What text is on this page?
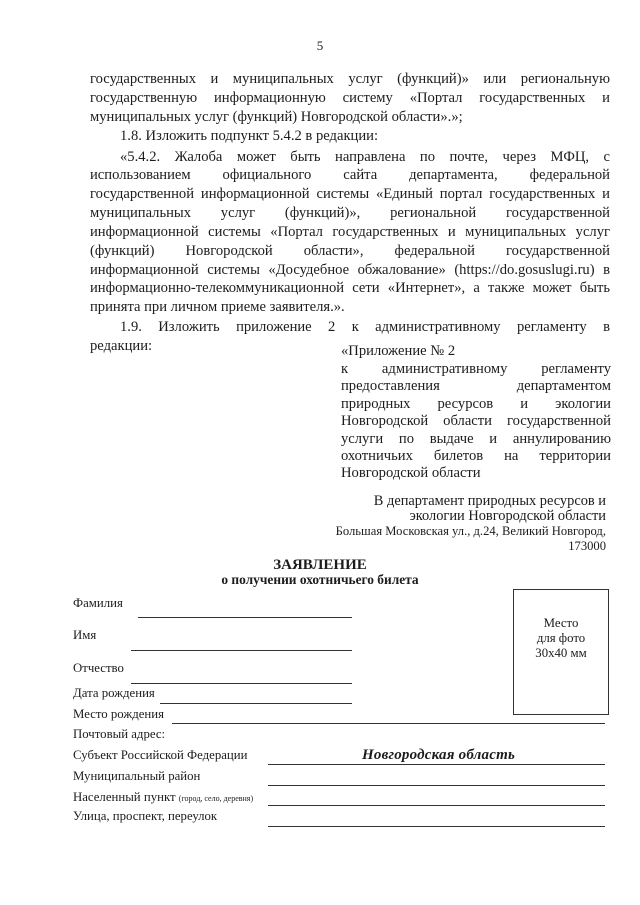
5
государственных и муниципальных услуг (функций)» или региональную
государственную информационную систему «Портал государственных и
муниципальных услуг (функций) Новгородской области».»;
1.8. Изложить подпункт 5.4.2 в редакции:
«5.4.2. Жалоба может быть направлена по почте, через МФЦ, с
использованием официального сайта департамента, федеральной
государственной информационной системы «Единый портал государственных и
муниципальных услуг (функций)», региональной государственной
информационной системы «Портал государственных и муниципальных услуг
(функций) Новгородской области», федеральной государственной
информационной системы «Досудебное обжалование» (https://do.gosuslugi.ru) в
информационно-телекоммуникационной сети «Интернет», а также может быть
принята при личном приеме заявителя.».
1.9. Изложить приложение 2 к административному регламенту в
редакции:	«Приложение № 2
к административному регламенту
предоставления департаментом
природных ресурсов и экологии
Новгородской области государственной
услуги по выдаче и аннулированию
охотничьих билетов на территории
Новгородской области
В департамент природных ресурсов и
экологии Новгородской области
Большая Московская ул., д.24, Великий Новгород,
173000
ЗАЯВЛЕНИЕ
о получении охотничьего билета
Место
для фото
30х40 мм
Фамилия
Имя
Отчество
Дата рождения
Место рождения
Почтовый адрес:
Субъект Российской Федерации	Новгородская область
Муниципальный район
Населенный пункт (город, село, деревня)
Улица, проспект, переулок
